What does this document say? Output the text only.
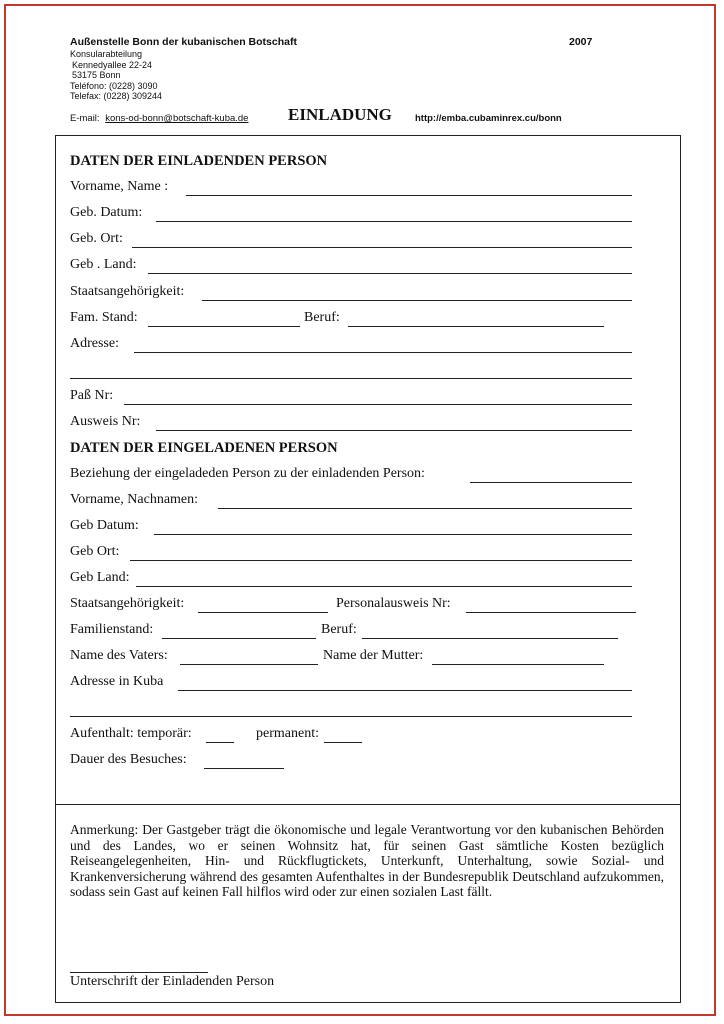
Außenstelle Bonn der kubanischen Botschaft
Konsularabteilung
Kennedyallee 22-24
53175 Bonn
Teléfono: (0228) 3090
Telefax: (0228) 309244
2007
E-mail: kons-od-bonn@botschaft-kuba.de EINLADUNG http://emba.cubaminrex.cu/bonn
DATEN DER EINLADENDEN PERSON
Vorname, Name :
Geb. Datum:
Geb. Ort:
Geb . Land:
Staatsangehörigkeit:
Fam. Stand:	Beruf:
Adresse:
Paß Nr:
Ausweis Nr:
DATEN DER EINGELADENEN PERSON
Beziehung der eingeladeden Person zu der einladenden Person:
Vorname, Nachnamen:
Geb Datum:
Geb Ort:
Geb Land:
Staatsangehörigkeit:	Personalausweis Nr:
Familienstand:	Beruf:
Name des Vaters:	Name der Mutter:
Adresse in Kuba
Aufenthalt: temporär:	permanent:
Dauer des Besuches:
Anmerkung: Der Gastgeber trägt die ökonomische und legale Verantwortung vor den kubanischen Behörden und des Landes, wo er seinen Wohnsitz hat, für seinen Gast sämtliche Kosten bezüglich Reiseangelegenheiten, Hin- und Rückflugtickets, Unterkunft, Unterhaltung, sowie Sozial- und Krankenversicherung während des gesamten Aufenthaltes in der Bundesrepublik Deutschland aufzukommen, sodass sein Gast auf keinen Fall hilflos wird oder zur einen sozialen Last fällt.
Unterschrift der Einladenden Person
